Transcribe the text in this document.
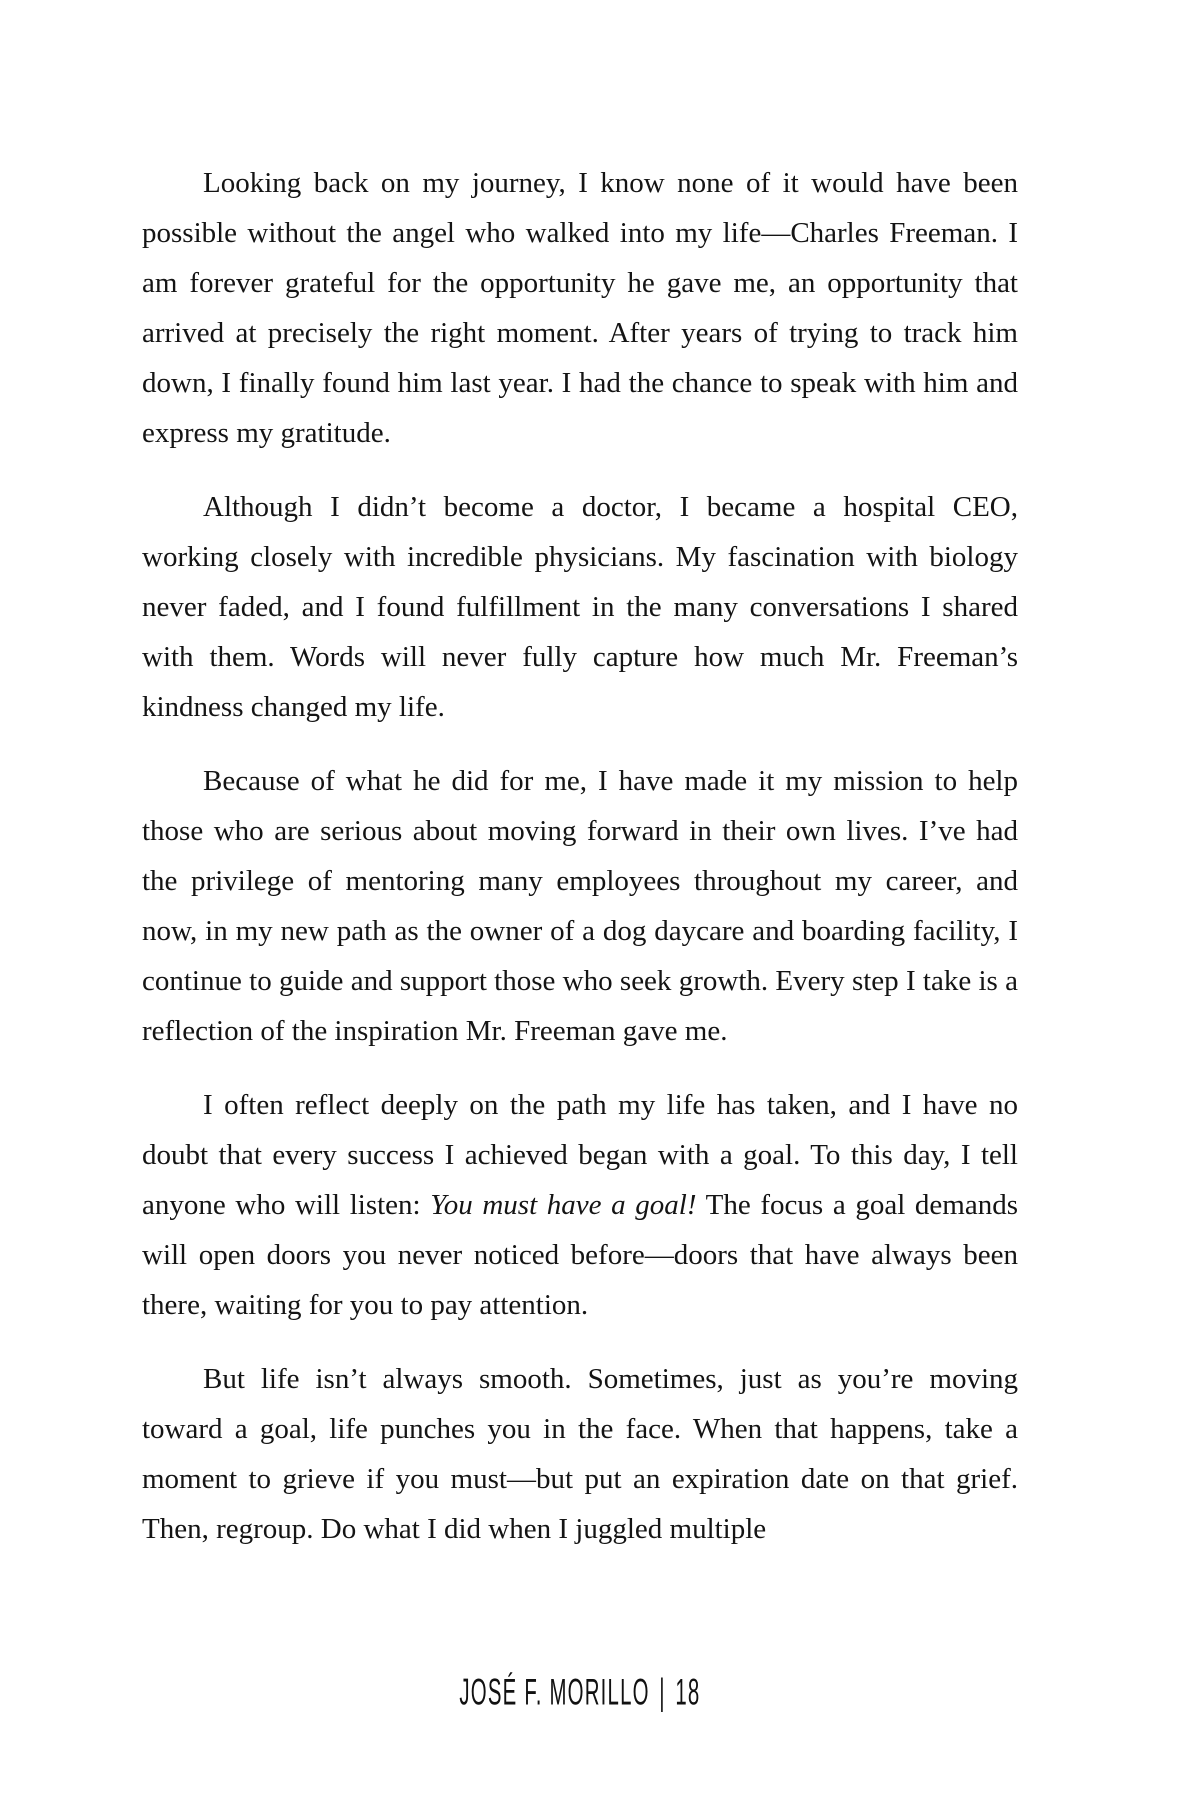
Looking back on my journey, I know none of it would have been possible without the angel who walked into my life—Charles Freeman. I am forever grateful for the opportunity he gave me, an opportunity that arrived at precisely the right moment. After years of trying to track him down, I finally found him last year. I had the chance to speak with him and express my gratitude.

Although I didn’t become a doctor, I became a hospital CEO, working closely with incredible physicians. My fascination with biology never faded, and I found fulfillment in the many conversations I shared with them. Words will never fully capture how much Mr. Freeman’s kindness changed my life.

Because of what he did for me, I have made it my mission to help those who are serious about moving forward in their own lives. I’ve had the privilege of mentoring many employees throughout my career, and now, in my new path as the owner of a dog daycare and boarding facility, I continue to guide and support those who seek growth. Every step I take is a reflection of the inspiration Mr. Freeman gave me.

I often reflect deeply on the path my life has taken, and I have no doubt that every success I achieved began with a goal. To this day, I tell anyone who will listen: You must have a goal! The focus a goal demands will open doors you never noticed before—doors that have always been there, waiting for you to pay attention.

But life isn’t always smooth. Sometimes, just as you’re moving toward a goal, life punches you in the face. When that happens, take a moment to grieve if you must—but put an expiration date on that grief. Then, regroup. Do what I did when I juggled multiple

JOSÉ F. MORILLO | 18
